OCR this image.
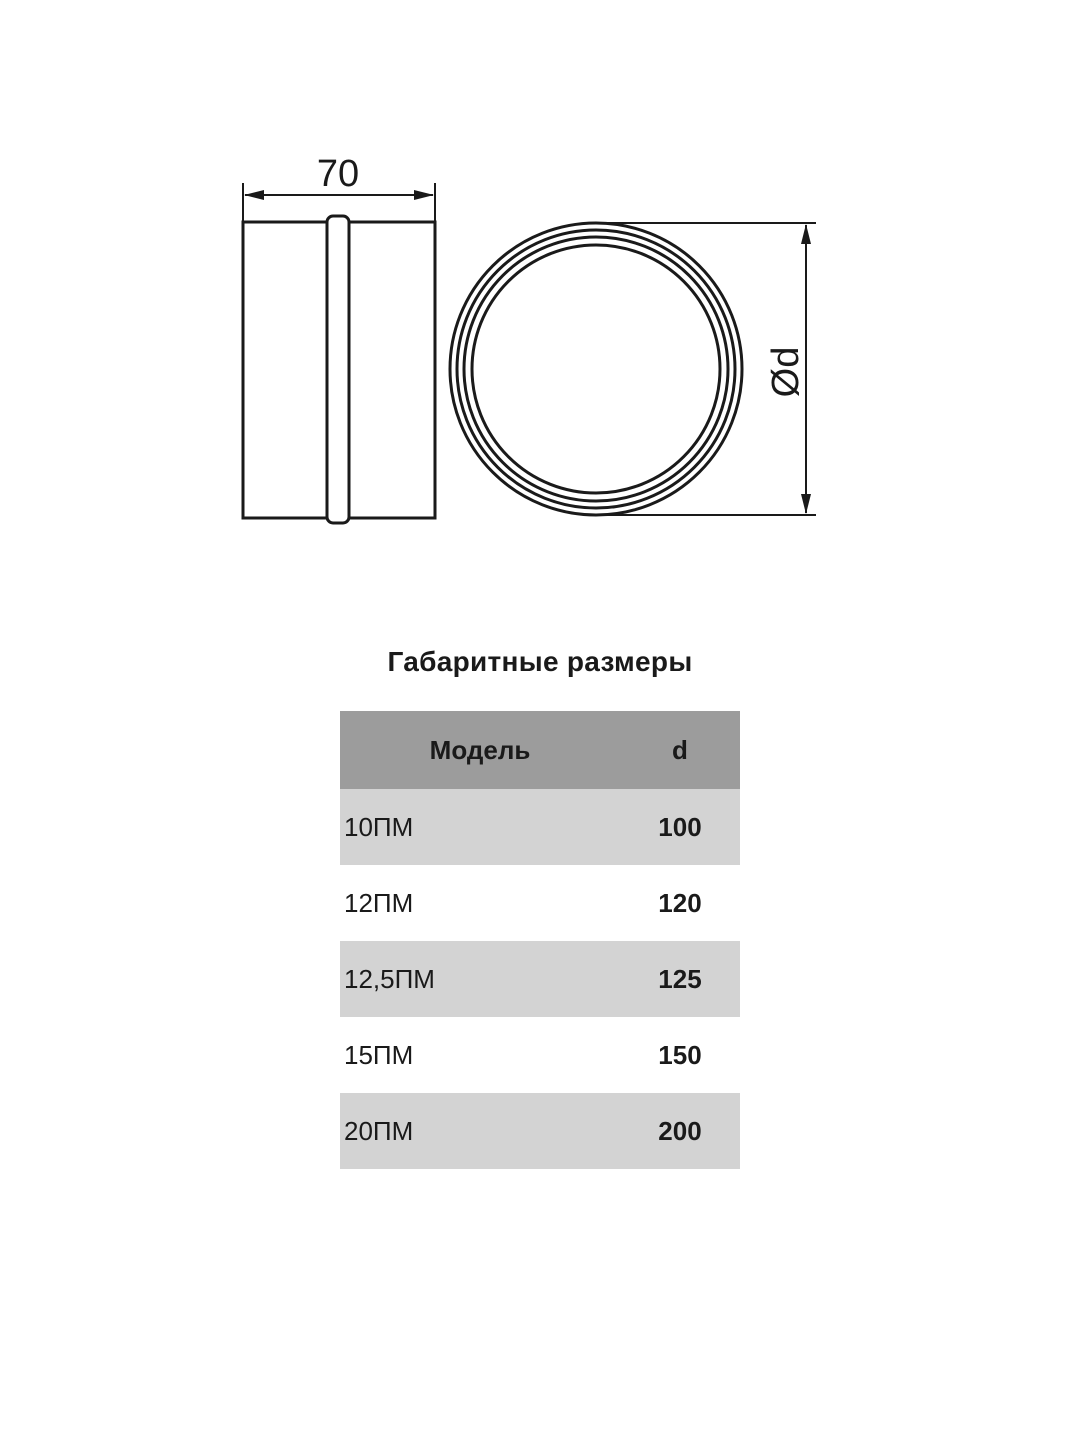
70
Ød
Габаритные размеры
Модель	d
10ПМ	100
12ПМ	120
12,5ПМ	125
15ПМ	150
20ПМ	200
